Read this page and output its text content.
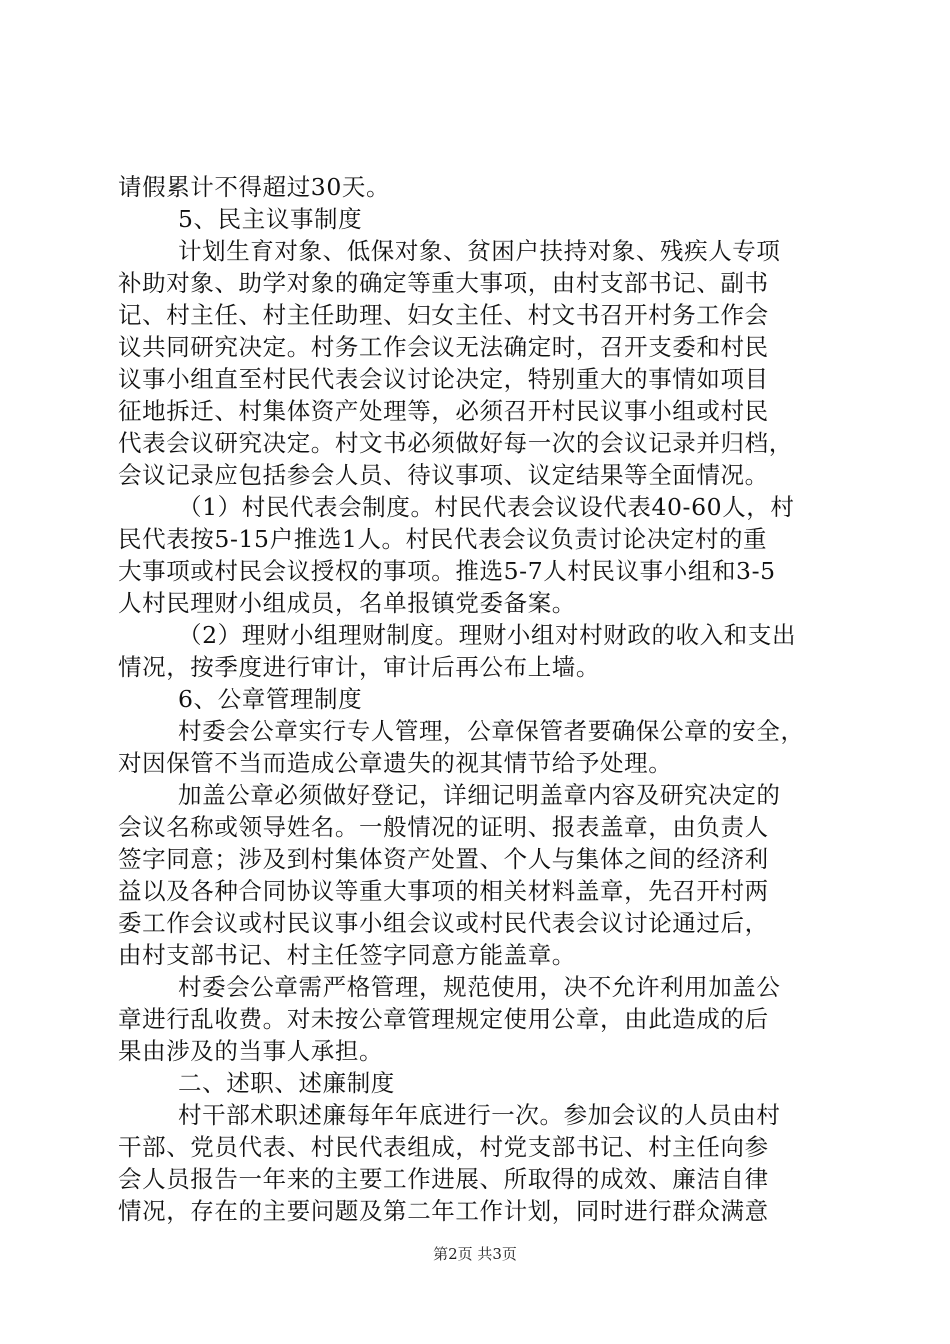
请假累计不得超过30天。
5、民主议事制度
计划生育对象、低保对象、贫困户扶持对象、残疾人专项
补助对象、助学对象的确定等重大事项，由村支部书记、副书
记、村主任、村主任助理、妇女主任、村文书召开村务工作会
议共同研究决定。村务工作会议无法确定时，召开支委和村民
议事小组直至村民代表会议讨论决定，特别重大的事情如项目
征地拆迁、村集体资产处理等，必须召开村民议事小组或村民
代表会议研究决定。村文书必须做好每一次的会议记录并归档，
会议记录应包括参会人员、待议事项、议定结果等全面情况。
（1）村民代表会制度。村民代表会议设代表40-60人，村
民代表按5-15户推选1人。村民代表会议负责讨论决定村的重
大事项或村民会议授权的事项。推选5-7人村民议事小组和3-5
人村民理财小组成员，名单报镇党委备案。
（2）理财小组理财制度。理财小组对村财政的收入和支出
情况，按季度进行审计，审计后再公布上墙。
6、公章管理制度
村委会公章实行专人管理，公章保管者要确保公章的安全，
对因保管不当而造成公章遗失的视其情节给予处理。
加盖公章必须做好登记，详细记明盖章内容及研究决定的
会议名称或领导姓名。一般情况的证明、报表盖章，由负责人
签字同意；涉及到村集体资产处置、个人与集体之间的经济利
益以及各种合同协议等重大事项的相关材料盖章，先召开村两
委工作会议或村民议事小组会议或村民代表会议讨论通过后，
由村支部书记、村主任签字同意方能盖章。
村委会公章需严格管理，规范使用，决不允许利用加盖公
章进行乱收费。对未按公章管理规定使用公章，由此造成的后
果由涉及的当事人承担。
二、述职、述廉制度
村干部术职述廉每年年底进行一次。参加会议的人员由村
干部、党员代表、村民代表组成，村党支部书记、村主任向参
会人员报告一年来的主要工作进展、所取得的成效、廉洁自律
情况，存在的主要问题及第二年工作计划，同时进行群众满意
第2页 共3页
